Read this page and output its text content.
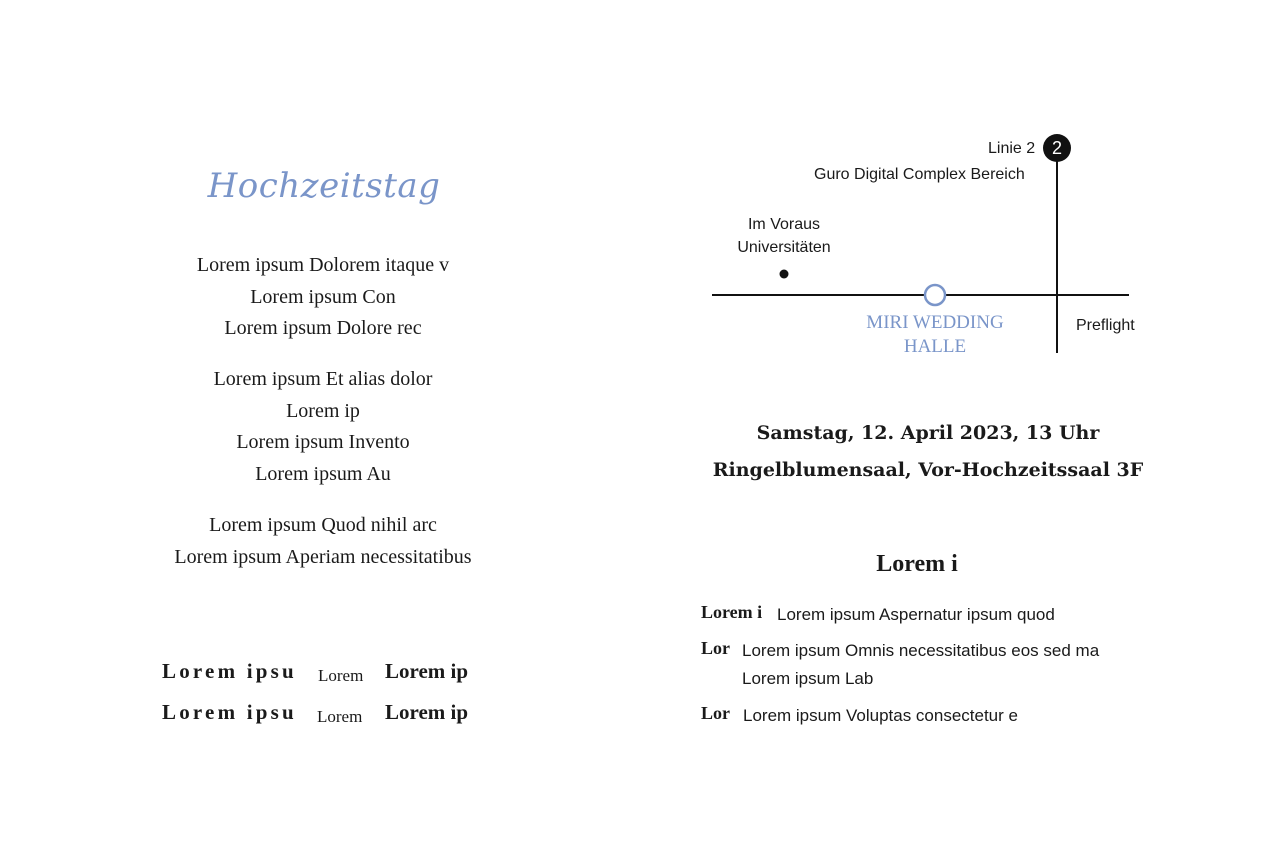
Hochzeitstag
Lorem ipsum Dolorem itaque v
Lorem ipsum Con
Lorem ipsum Dolore rec
Lorem ipsum Et alias dolor
Lorem ip
Lorem ipsum Invento
Lorem ipsum Au
Lorem ipsum Quod nihil arc
Lorem ipsum Aperiam necessitatibus
Lorem ipsu Lorem Lorem ip
Lorem ipsu Lorem Lorem ip
2
Linie 2
Guro Digital Complex Bereich
Im Voraus
Universitäten
MIRI WEDDING
HALLE
Preflight
Samstag, 12. April 2023, 13 Uhr
Ringelblumensaal, Vor-Hochzeitssaal 3F
Lorem i
Lorem i Lorem ipsum Aspernatur ipsum quod
Lor Lorem ipsum Omnis necessitatibus eos sed ma
Lorem ipsum Lab
Lor Lorem ipsum Voluptas consectetur e
